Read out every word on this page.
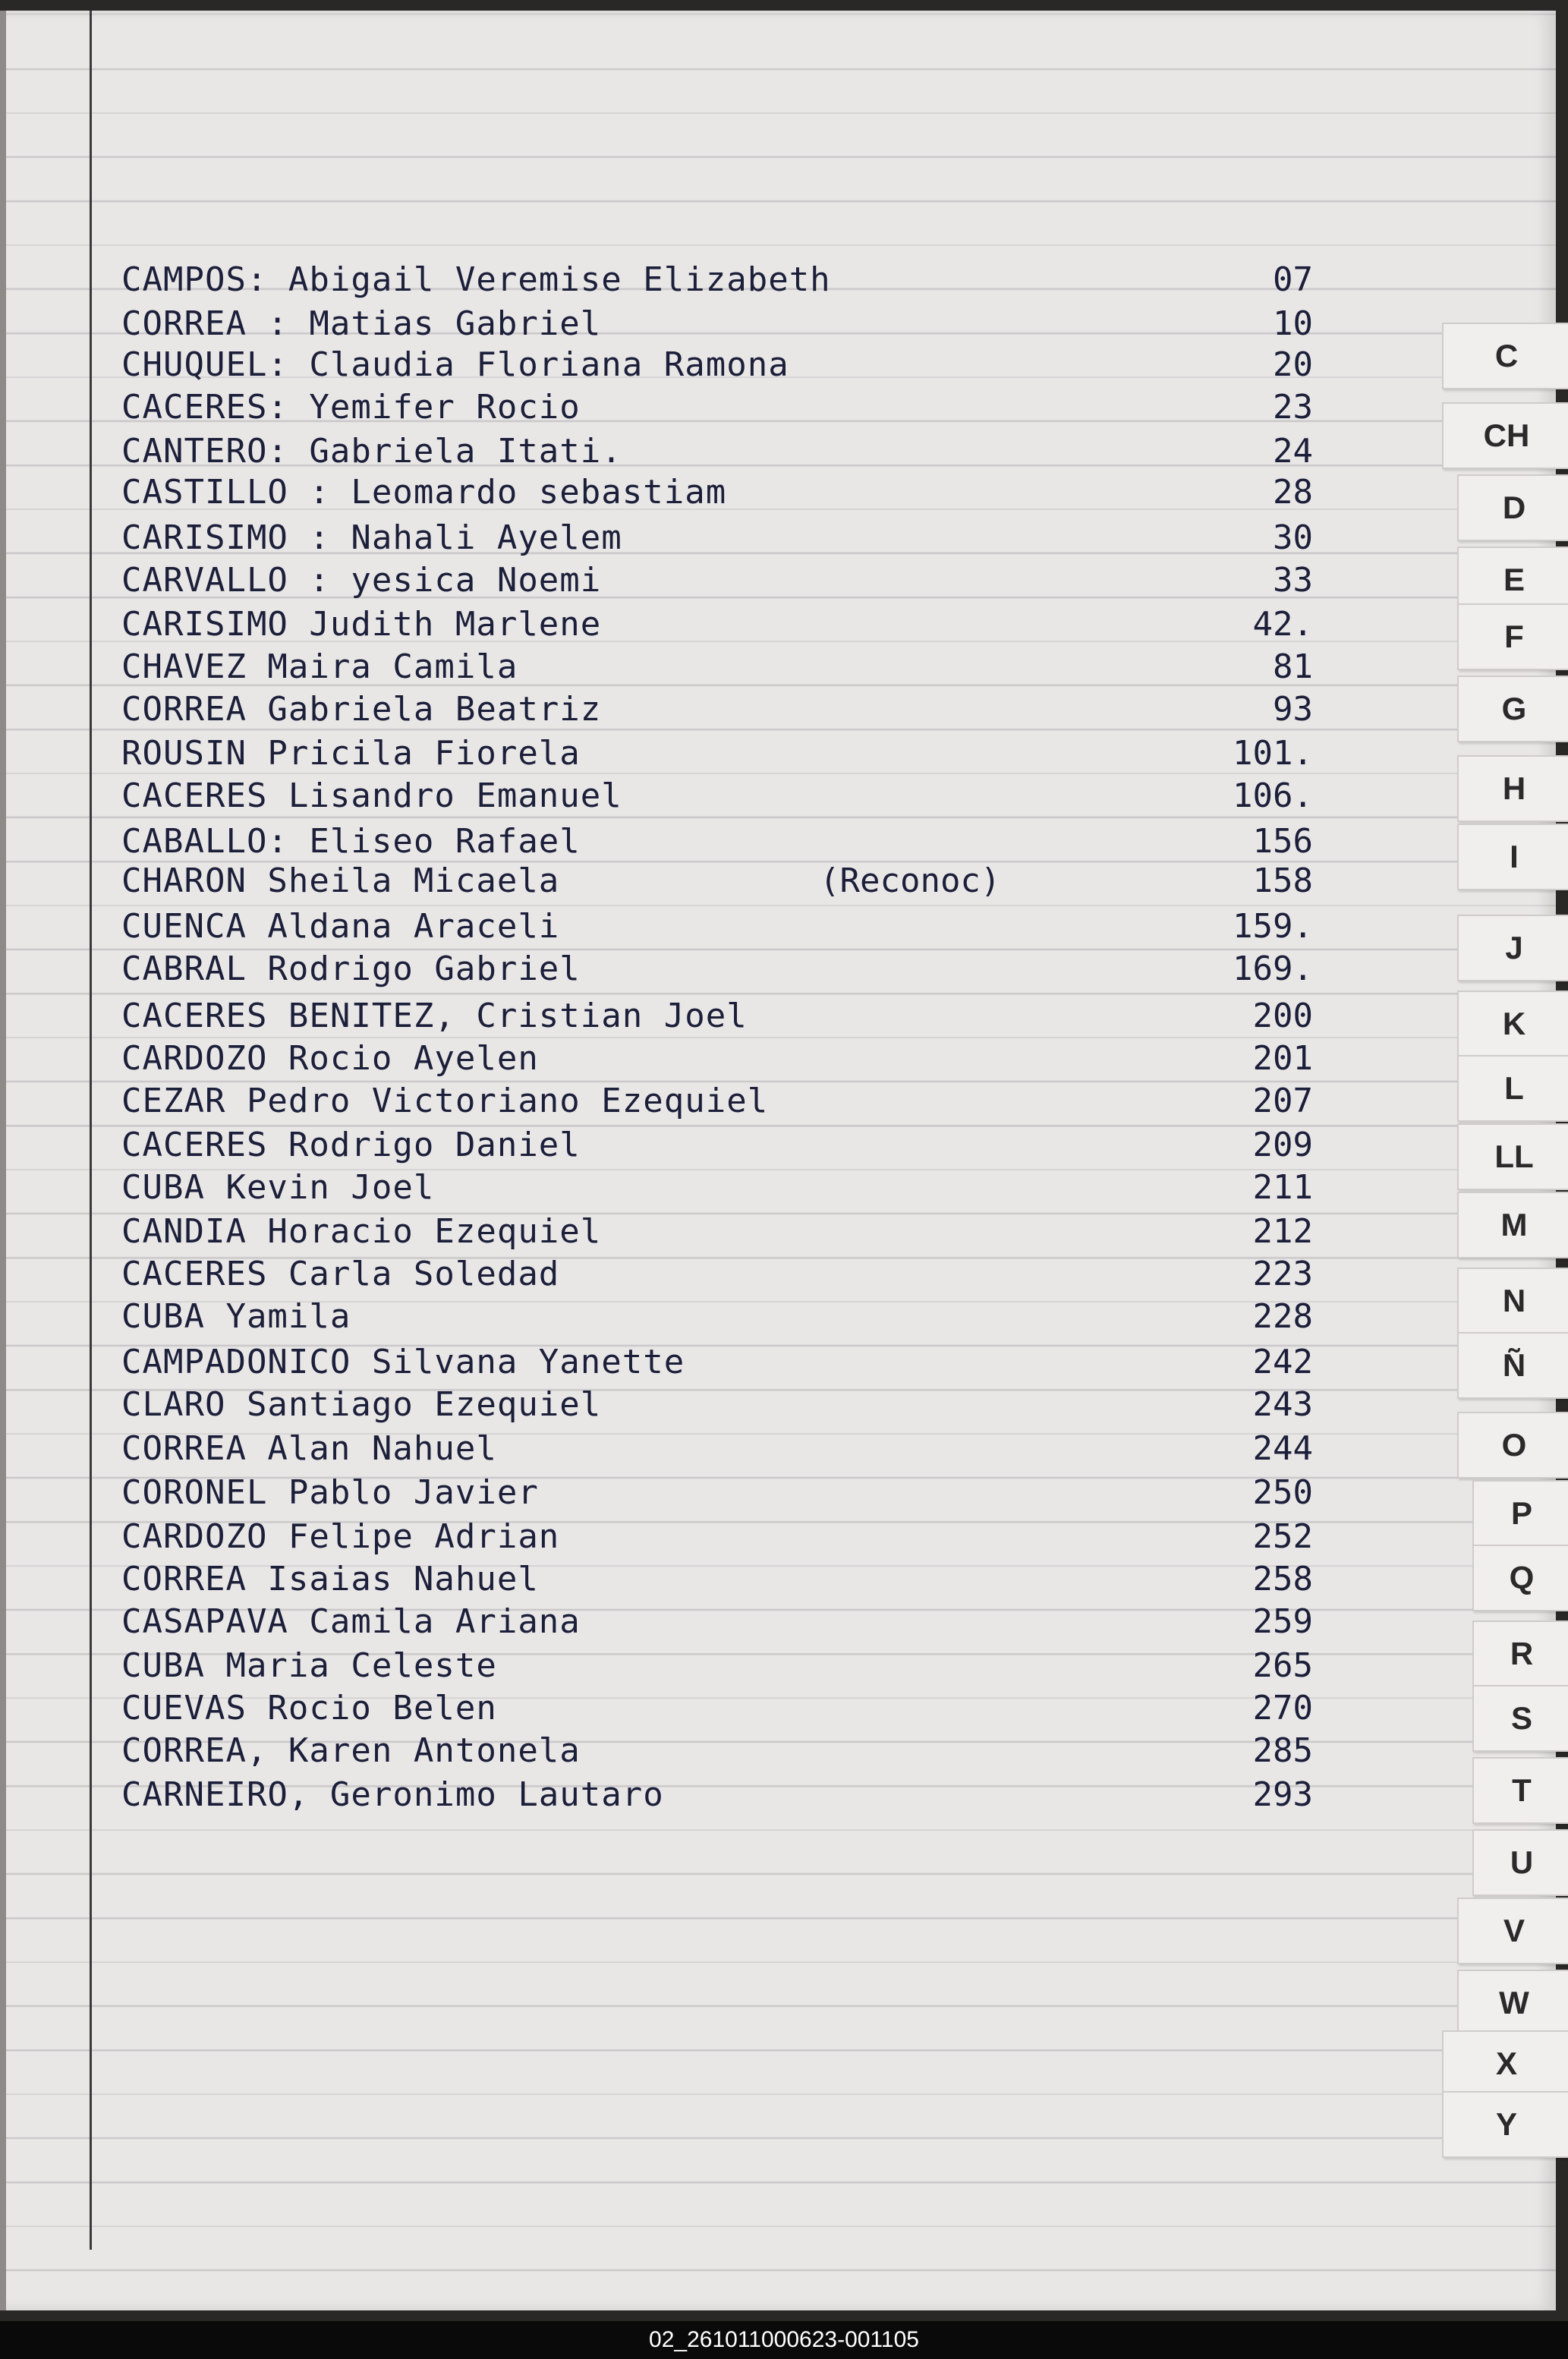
CAMPOS: Abigail Veremise Elizabeth	07
CORREA : Matias Gabriel	10
CHUQUEL: Claudia Floriana Ramona	20
CACERES: Yemifer Rocio	23
CANTERO: Gabriela Itati.	24
CASTILLO : Leomardo sebastiam	28
CARISIMO : Nahali Ayelem	30
CARVALLO : yesica Noemi	33
CARISIMO Judith Marlene	42.
CHAVEZ Maira Camila	81
CORREA Gabriela Beatriz	93
ROUSIN Pricila Fiorela	101.
CACERES Lisandro Emanuel	106.
CABALLO: Eliseo Rafael	156
CHARON Sheila Micaela	(Reconoc)	158
CUENCA Aldana Araceli	159.
CABRAL Rodrigo Gabriel	169.
CACERES BENITEZ, Cristian Joel	200
CARDOZO Rocio Ayelen	201
CEZAR Pedro Victoriano Ezequiel	207
CACERES Rodrigo Daniel	209
CUBA Kevin Joel	211
CANDIA Horacio Ezequiel	212
CACERES Carla Soledad	223
CUBA Yamila	228
CAMPADONICO Silvana Yanette	242
CLARO Santiago Ezequiel	243
CORREA Alan Nahuel	244
CORONEL Pablo Javier	250
CARDOZO Felipe Adrian	252
CORREA Isaias Nahuel	258
CASAPAVA Camila Ariana	259
CUBA Maria Celeste	265
CUEVAS Rocio Belen	270
CORREA, Karen Antonela	285
CARNEIRO, Geronimo Lautaro	293
C
CH
D
E
F
G
H
I
J
K
L
LL
M
N
Ñ
O
P
Q
R
S
T
U
V
W
X
Y
02_261011000623-001105
